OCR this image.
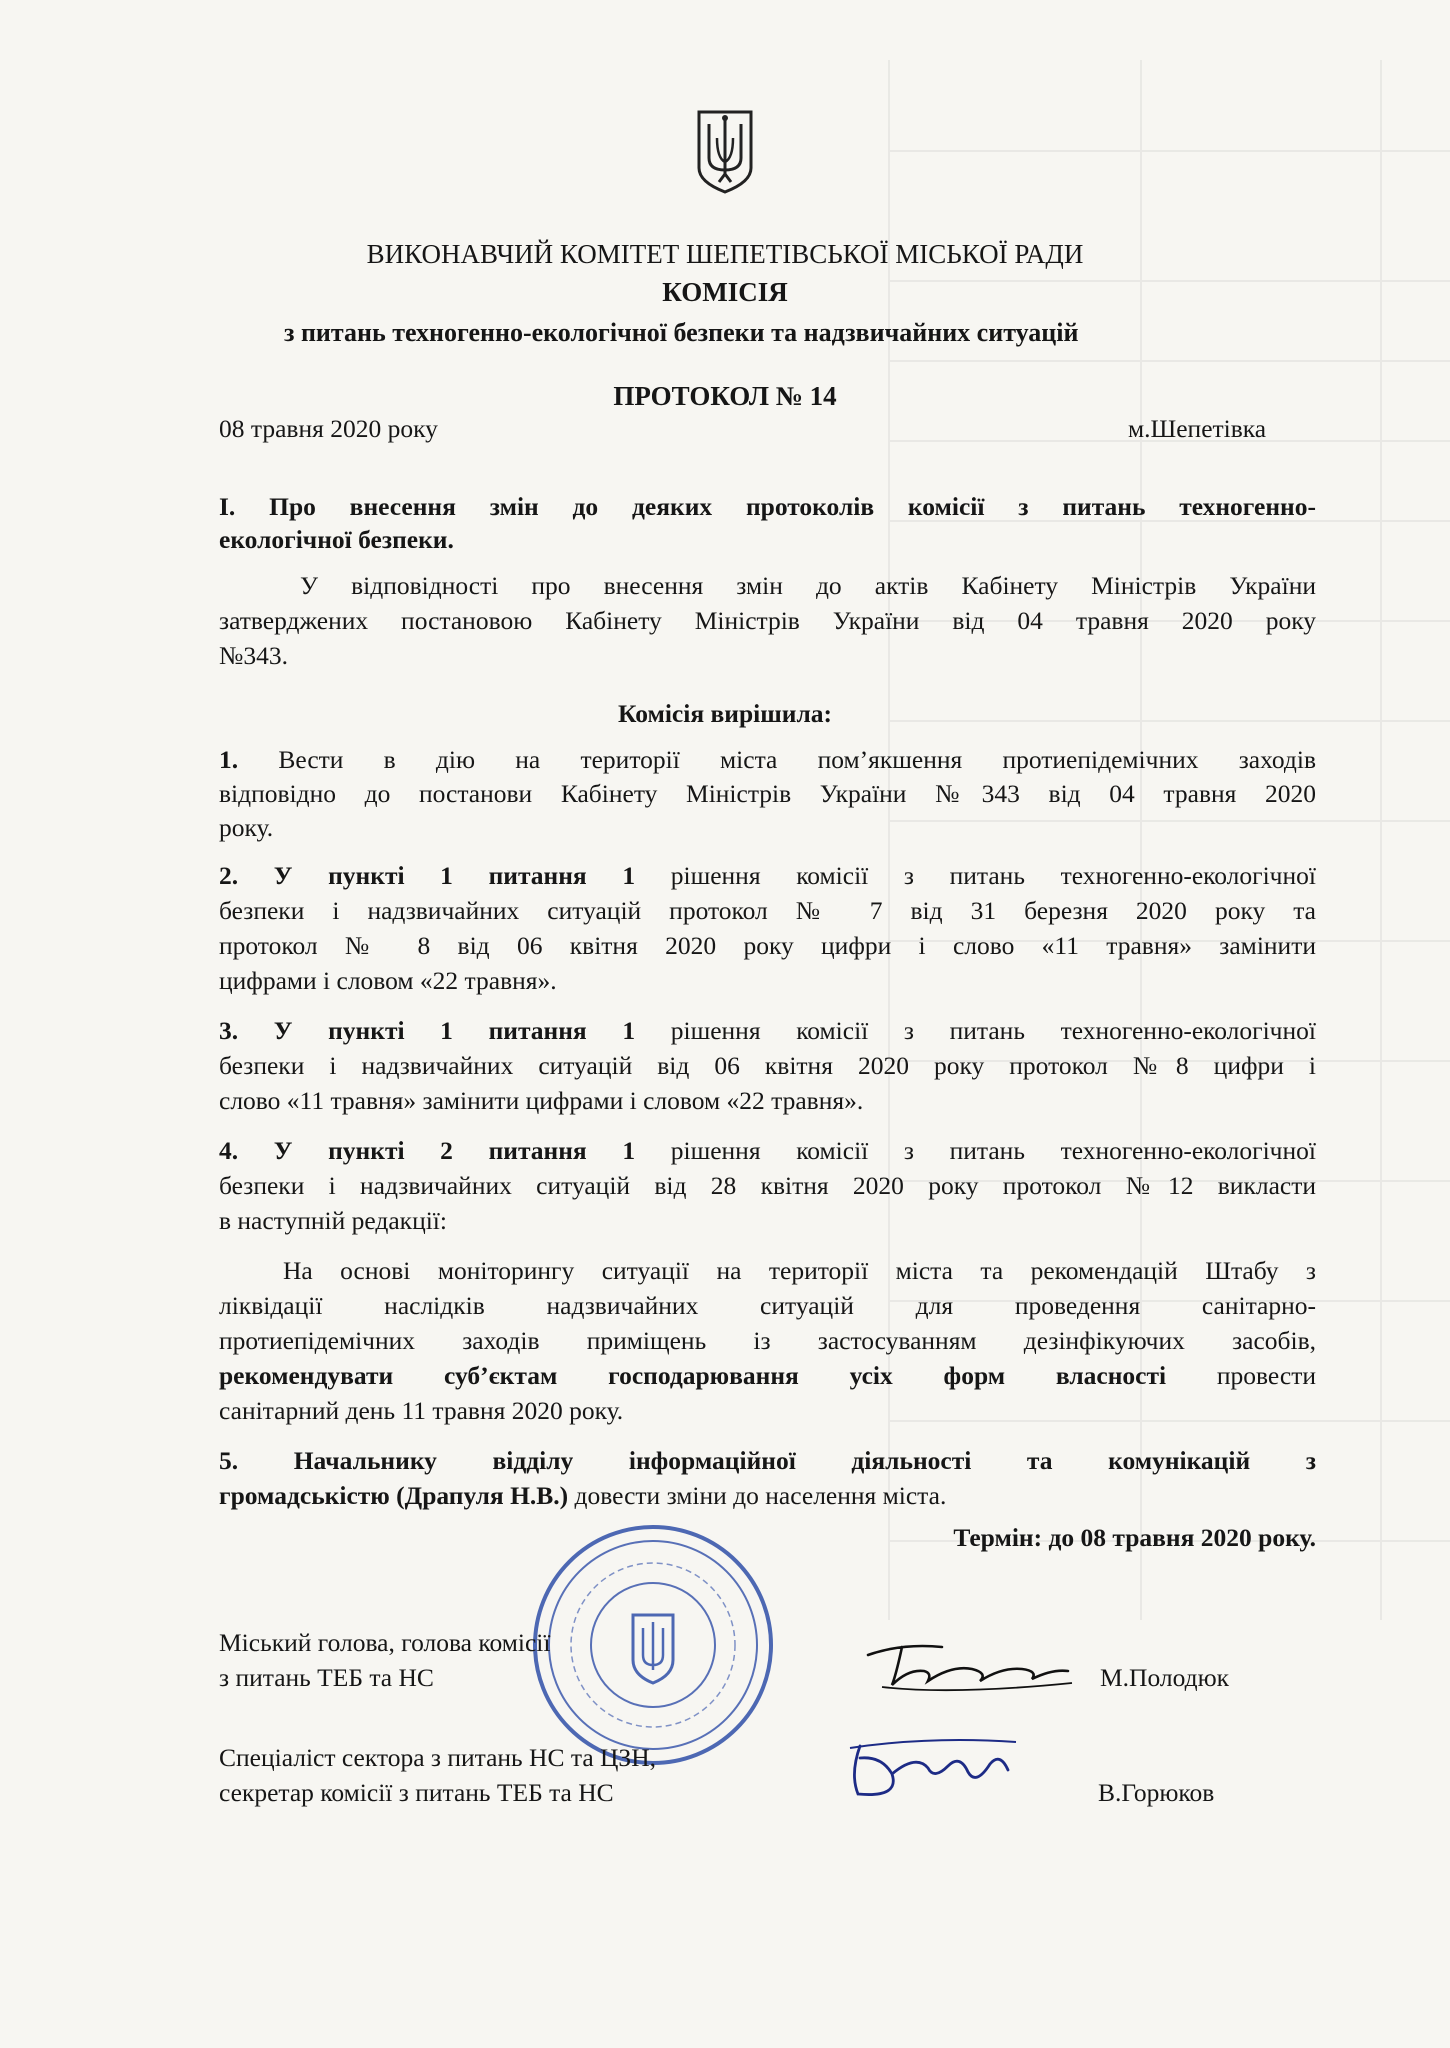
ВИКОНАВЧИЙ КОМІТЕТ ШЕПЕТІВСЬКОЇ МІСЬКОЇ РАДИ
КОМІСІЯ
з питань техногенно-екологічної безпеки та надзвичайних ситуацій
ПРОТОКОЛ № 14
08 травня 2020 року	м.Шепетівка
І. Про внесення змін до деяких протоколів комісії з питань техногенно-
екологічної безпеки.
У відповідності про внесення змін до актів Кабінету Міністрів України
затверджених постановою Кабінету Міністрів України від 04 травня 2020 року
№343.
Комісія вирішила:
1. Вести в дію на території міста пом’якшення протиепідемічних заходів
відповідно до постанови Кабінету Міністрів України №343 від 04 травня 2020
року.
2. У пункті 1 питання 1 рішення комісії з питань техногенно-екологічної
безпеки і надзвичайних ситуацій протокол № 7 від 31 березня 2020 року та
протокол № 8 від 06 квітня 2020 року цифри і слово «11 травня» замінити
цифрами і словом «22 травня».
3. У пункті 1 питання 1 рішення комісії з питань техногенно-екологічної
безпеки і надзвичайних ситуацій від 06 квітня 2020 року протокол №8 цифри і
слово «11 травня» замінити цифрами і словом «22 травня».
4. У пункті 2 питання 1 рішення комісії з питань техногенно-екологічної
безпеки і надзвичайних ситуацій від 28 квітня 2020 року протокол №12 викласти
в наступній редакції:
На основі моніторингу ситуації на території міста та рекомендацій Штабу з
ліквідації наслідків надзвичайних ситуацій для проведення санітарно-
протиепідемічних заходів приміщень із застосуванням дезінфікуючих засобів,
рекомендувати суб’єктам господарювання усіх форм власності провести
санітарний день 11 травня 2020 року.
5. Начальнику відділу інформаційної діяльності та комунікацій з
громадськістю (Драпуля Н.В.) довести зміни до населення міста.
Термін: до 08 травня 2020 року.
Міський голова, голова комісії
з питань ТЕБ та НС	М.Полодюк
Спеціаліст сектора з питань НС та ЦЗН,
секретар комісії з питань ТЕБ та НС	В.Горюков
